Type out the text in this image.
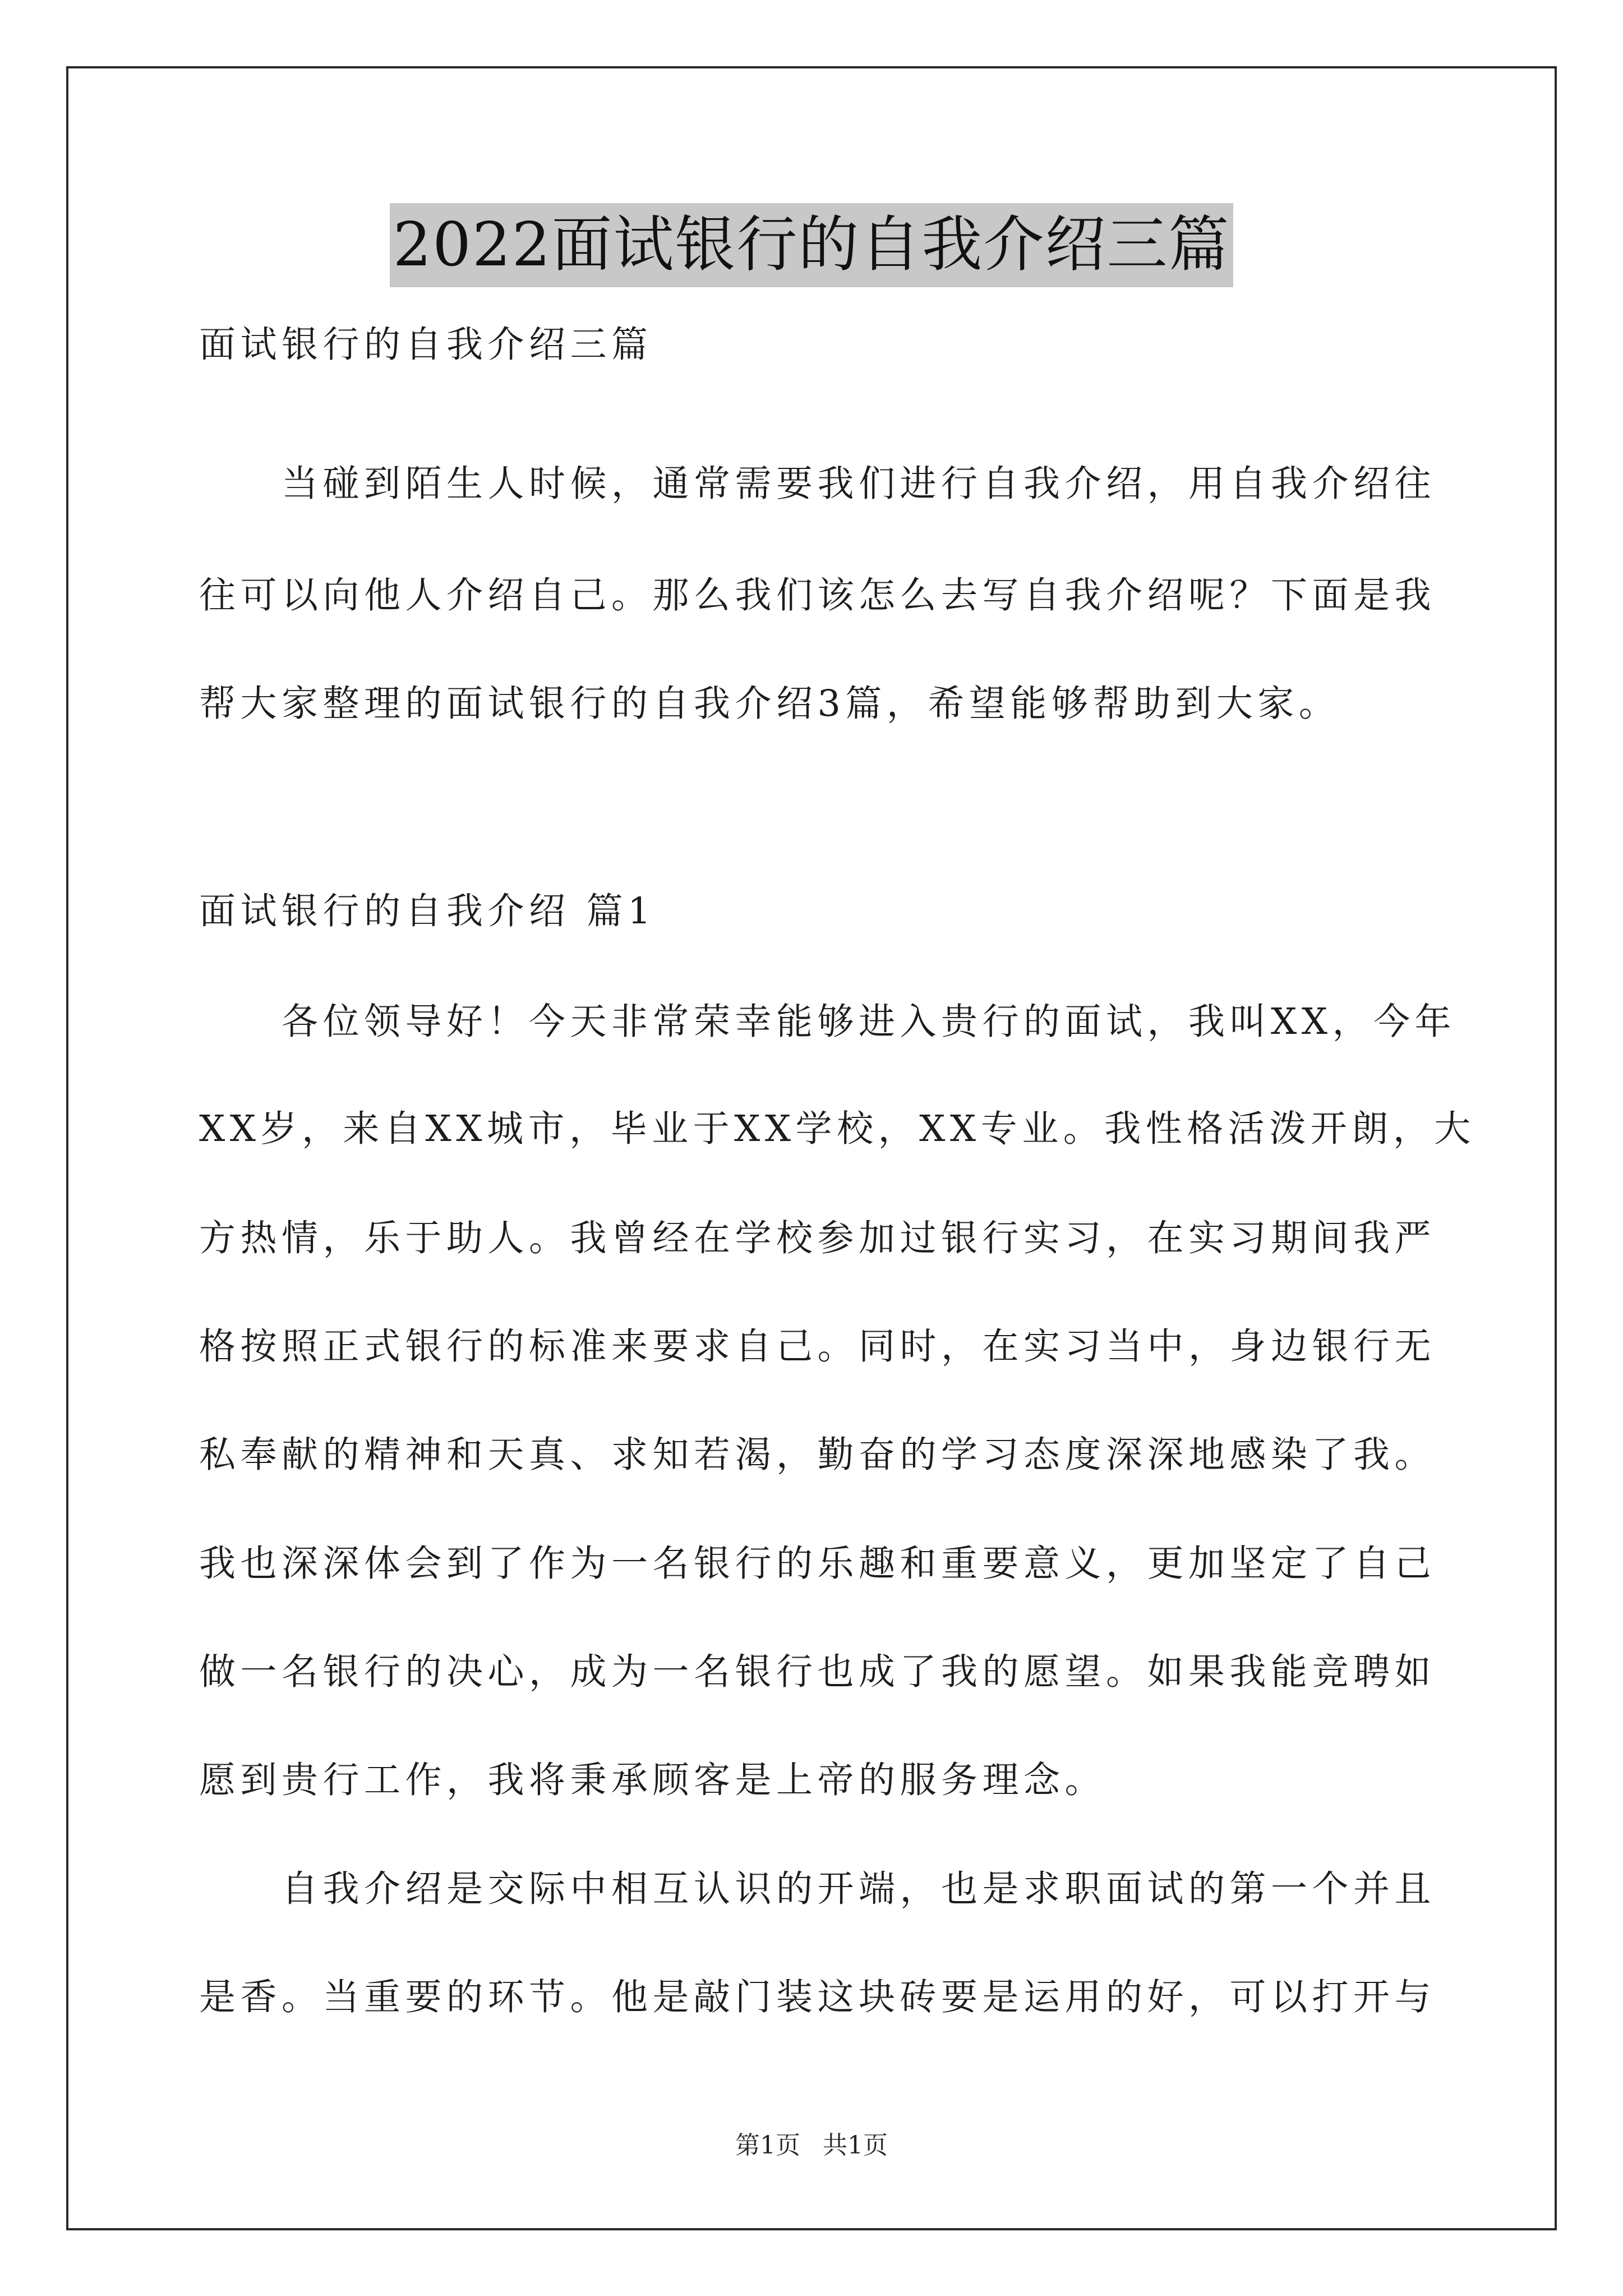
2022面试银行的自我介绍三篇
面试银行的自我介绍三篇
当碰到陌生人时候，通常需要我们进行自我介绍，用自我介绍往
往可以向他人介绍自己。那么我们该怎么去写自我介绍呢？下面是我
帮大家整理的面试银行的自我介绍3篇，希望能够帮助到大家。
面试银行的自我介绍 篇1
各位领导好！今天非常荣幸能够进入贵行的面试，我叫XX，今年
XX岁，来自XX城市，毕业于XX学校，XX专业。我性格活泼开朗，大
方热情，乐于助人。我曾经在学校参加过银行实习，在实习期间我严
格按照正式银行的标准来要求自己。同时，在实习当中，身边银行无
私奉献的精神和天真、求知若渴，勤奋的学习态度深深地感染了我。
我也深深体会到了作为一名银行的乐趣和重要意义，更加坚定了自己
做一名银行的决心，成为一名银行也成了我的愿望。如果我能竞聘如
愿到贵行工作，我将秉承顾客是上帝的服务理念。
自我介绍是交际中相互认识的开端，也是求职面试的第一个并且
是香。当重要的环节。他是敲门装这块砖要是运用的好，可以打开与
第1页 共1页
